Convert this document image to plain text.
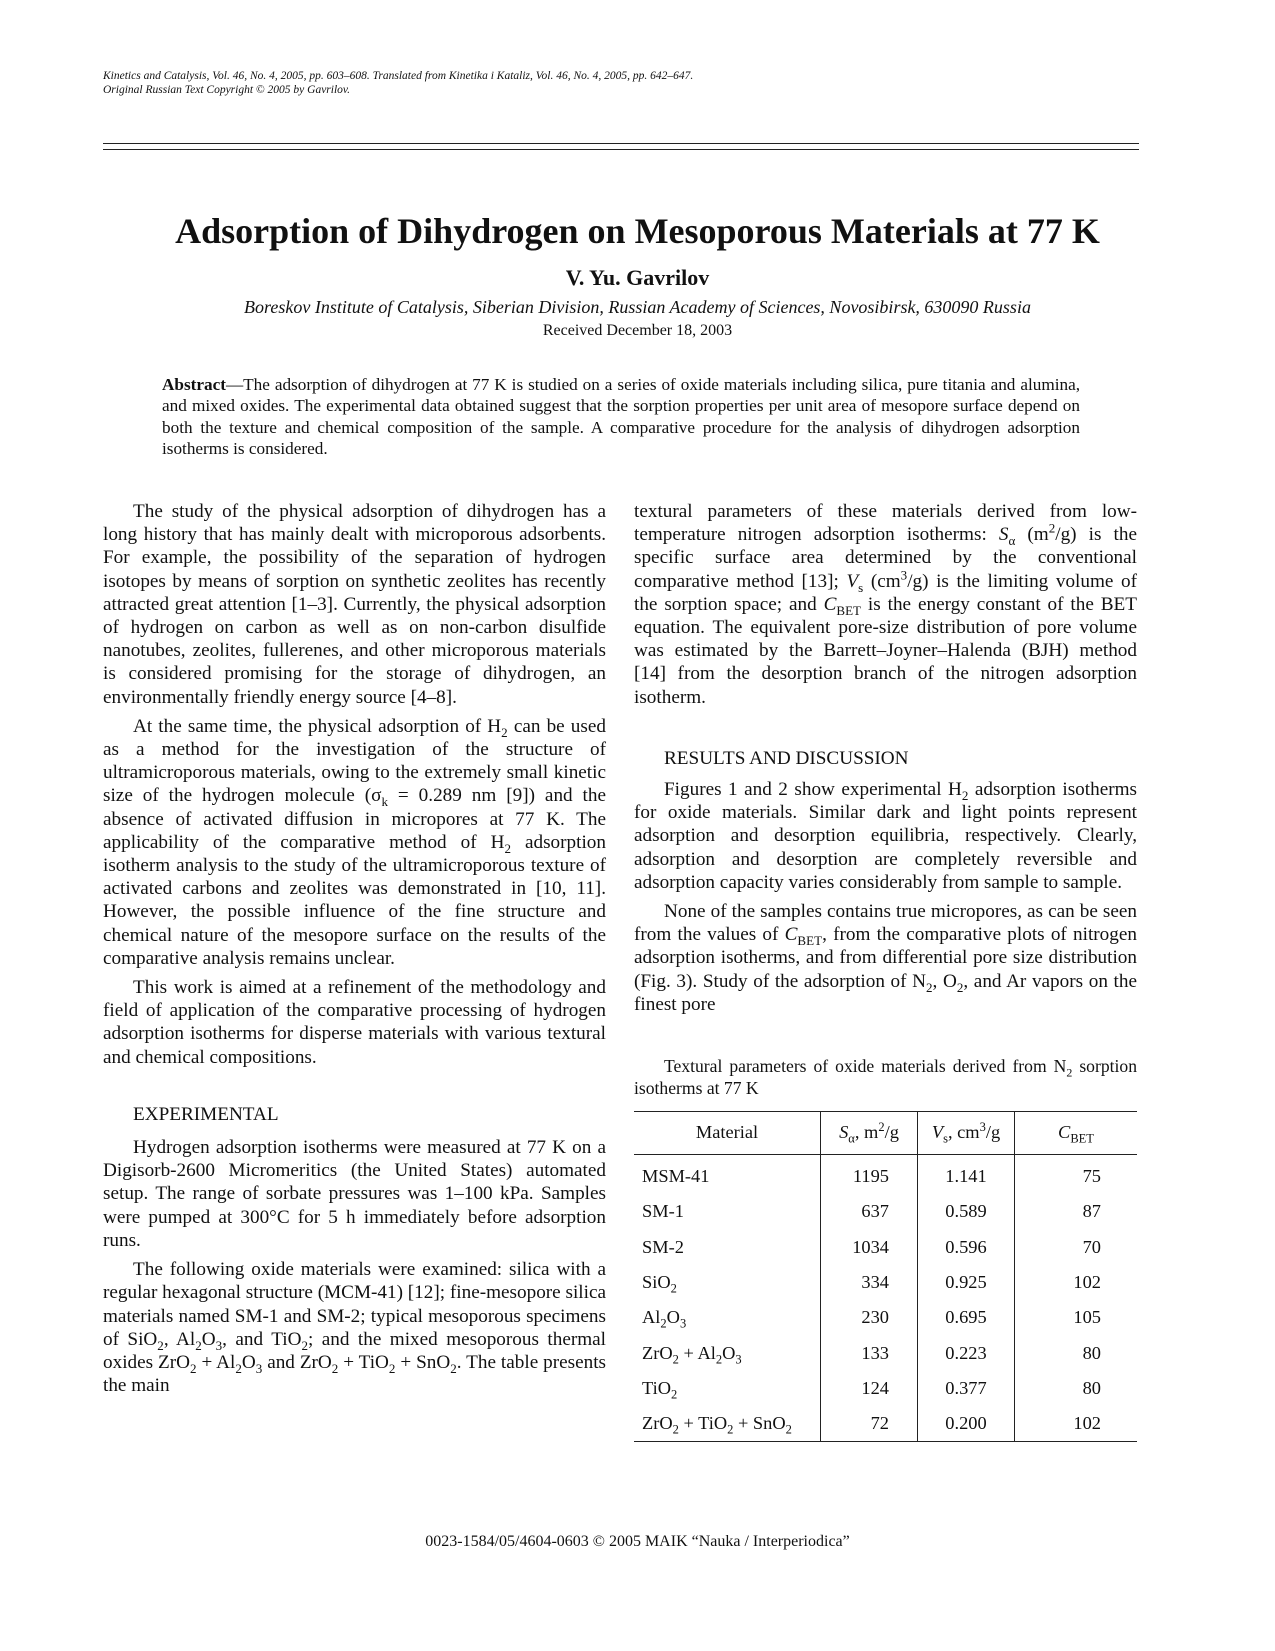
Kinetics and Catalysis, Vol. 46, No. 4, 2005, pp. 603–608. Translated from Kinetika i Kataliz, Vol. 46, No. 4, 2005, pp. 642–647.
Original Russian Text Copyright © 2005 by Gavrilov.
Adsorption of Dihydrogen on Mesoporous Materials at 77 K
V. Yu. Gavrilov
Boreskov Institute of Catalysis, Siberian Division, Russian Academy of Sciences, Novosibirsk, 630090 Russia
Received December 18, 2003
Abstract—The adsorption of dihydrogen at 77 K is studied on a series of oxide materials including silica, pure titania and alumina, and mixed oxides. The experimental data obtained suggest that the sorption properties per unit area of mesopore surface depend on both the texture and chemical composition of the sample. A comparative procedure for the analysis of dihydrogen adsorption isotherms is considered.

The study of the physical adsorption of dihydrogen has a long history that has mainly dealt with microporous adsorbents. For example, the possibility of the separation of hydrogen isotopes by means of sorption on synthetic zeolites has recently attracted great attention [1–3]. Currently, the physical adsorption of hydrogen on carbon as well as on non-carbon disulfide nanotubes, zeolites, fullerenes, and other microporous materials is considered promising for the storage of dihydrogen, an environmentally friendly energy source [4–8].

At the same time, the physical adsorption of $H_2$ can be used as a method for the investigation of the structure of ultramicroporous materials, owing to the extremely small kinetic size of the hydrogen molecule ($\sigma_k = 0.289$ nm [9]) and the absence of activated diffusion in micropores at 77 K. The applicability of the comparative method of $H_2$ adsorption isotherm analysis to the study of the ultramicroporous texture of activated carbons and zeolites was demonstrated in [10, 11]. However, the possible influence of the fine structure and chemical nature of the mesopore surface on the results of the comparative analysis remains unclear.

This work is aimed at a refinement of the methodology and field of application of the comparative processing of hydrogen adsorption isotherms for disperse materials with various textural and chemical compositions.

EXPERIMENTAL

Hydrogen adsorption isotherms were measured at 77 K on a Digisorb-2600 Micromeritics (the United States) automated setup. The range of sorbate pressures was 1–100 kPa. Samples were pumped at 300°C for 5 h immediately before adsorption runs.

The following oxide materials were examined: silica with a regular hexagonal structure (MCM-41) [12]; fine-mesopore silica materials named SM-1 and SM-2; typical mesoporous specimens of SiO$_2$, $Al_2O_3$, and TiO$_2$; and the mixed mesoporous thermal oxides $ZrO_2 + Al_2O_3$ and ZrO$_2$ + TiO$_2$ + SnO$_2$. The table presents the main

textural parameters of these materials derived from low-temperature nitrogen adsorption isotherms: $S_\alpha$ $(m^2/g)$ is the specific surface area determined by the conventional comparative method [13]; $V_s$ $(cm^3/g)$ is the limiting volume of the sorption space; and $C_{BET}$ is the energy constant of the BET equation. The equivalent pore-size distribution of pore volume was estimated by the Barrett–Joyner–Halenda (BJH) method [14] from the desorption branch of the nitrogen adsorption isotherm.

RESULTS AND DISCUSSION

Figures 1 and 2 show experimental $H_2$ adsorption isotherms for oxide materials. Similar dark and light points represent adsorption and desorption equilibria, respectively. Clearly, adsorption and desorption are completely reversible and adsorption capacity varies considerably from sample to sample.

None of the samples contains true micropores, as can be seen from the values of $C_{BET}$, from the comparative plots of nitrogen adsorption isotherms, and from differential pore size distribution (Fig. 3). Study of the adsorption of $N_2$, $O_2$, and Ar vapors on the finest pore

Textural parameters of oxide materials derived from $N_2$ sorption isotherms at 77 K

Material	$S_\alpha$, $m^2/g$	$V_s$, $cm^3/g$	$C_{BET}$
MSM-41	1195	1.141	75
SM-1	637	0.589	87
SM-2	1034	0.596	70
SiO$_2$	334	0.925	102
$Al_2O_3$	230	0.695	105
$ZrO_2 + Al_2O_3$	133	0.223	80
TiO$_2$	124	0.377	80
ZrO$_2$ + TiO$_2$ + SnO$_2$	72	0.200	102
0023-1584/05/4604-0603 © 2005 MAIK “Nauka / Interperiodica”
